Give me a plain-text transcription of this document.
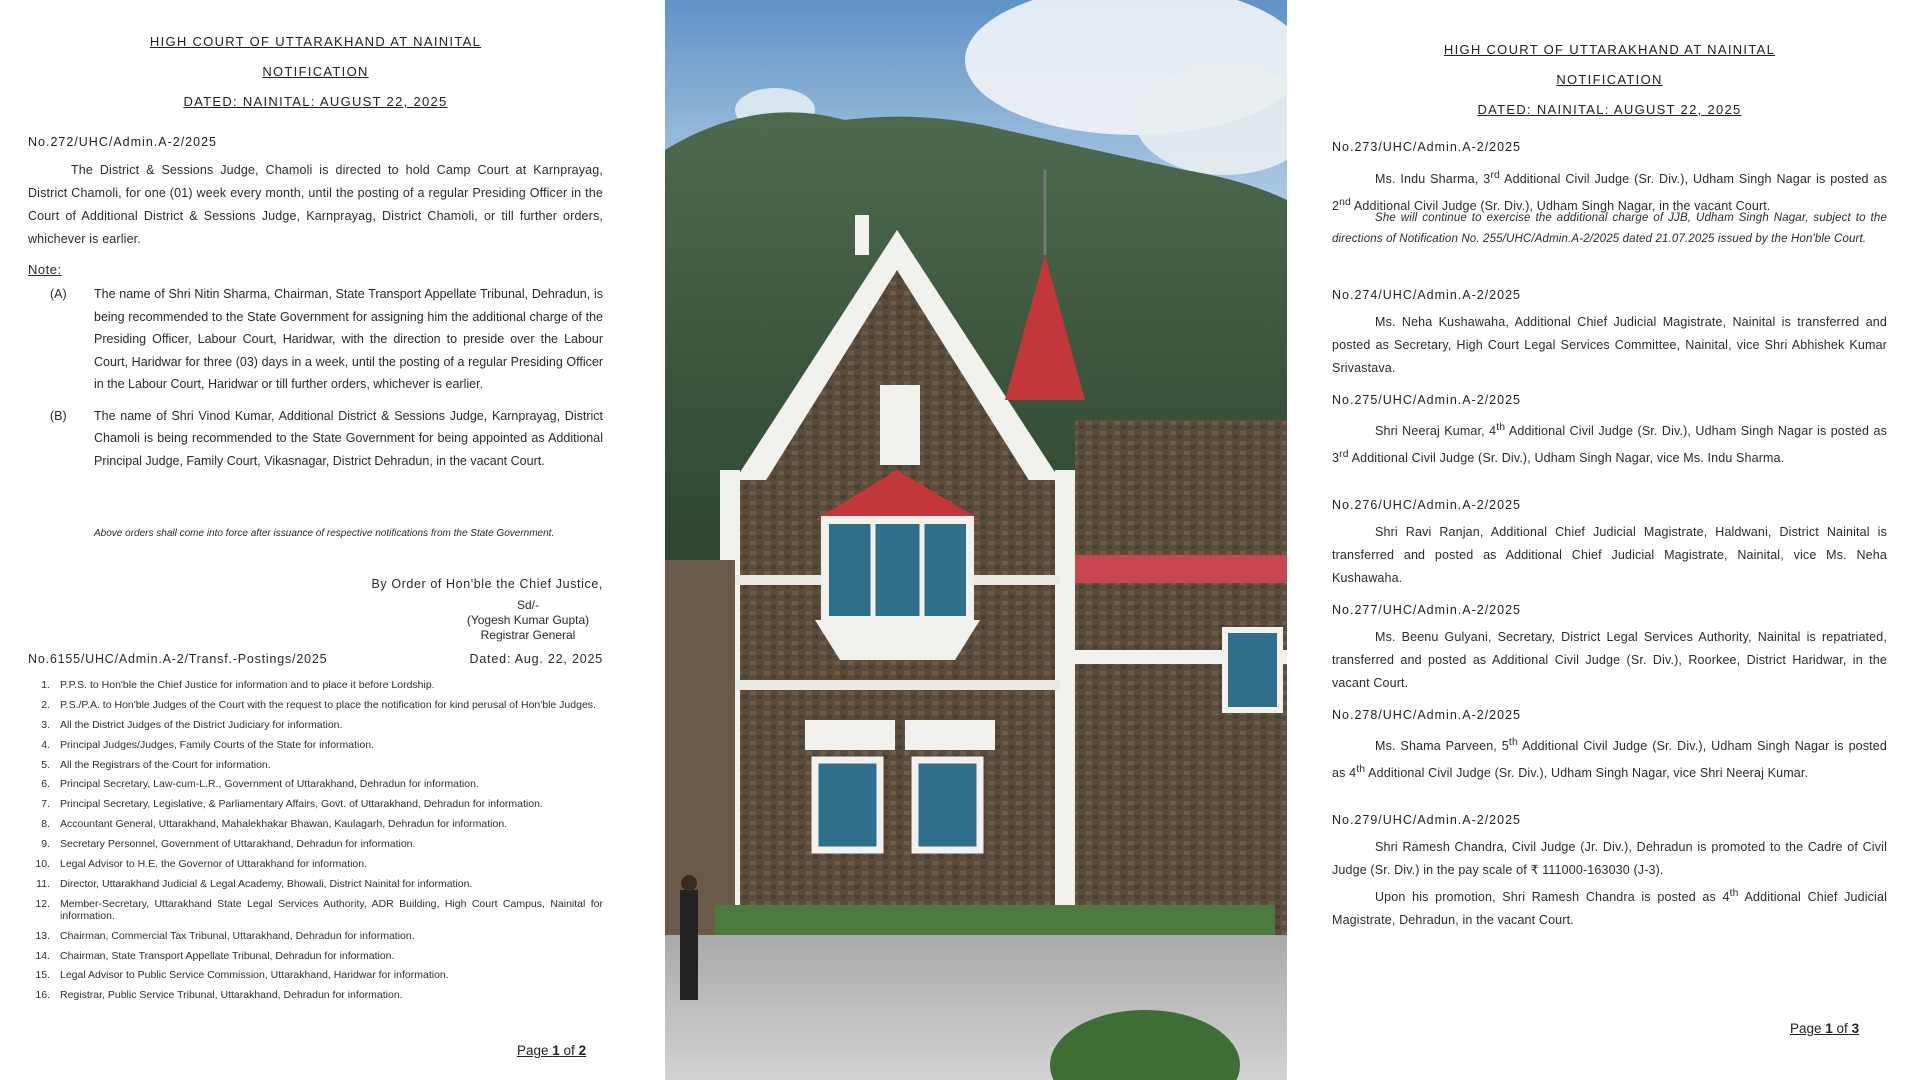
HIGH COURT OF UTTARAKHAND AT NAINITAL
NOTIFICATION
DATED: NAINITAL: AUGUST 22, 2025
No.272/UHC/Admin.A-2/2025

The District & Sessions Judge, Chamoli is directed to hold Camp Court at Karnprayag, District Chamoli, for one (01) week every month, until the posting of a regular Presiding Officer in the Court of Additional District & Sessions Judge, Karnprayag, District Chamoli, or till further orders, whichever is earlier.

Note:
(A)	The name of Shri Nitin Sharma, Chairman, State Transport Appellate Tribunal, Dehradun, is being recommended to the State Government for assigning him the additional charge of the Presiding Officer, Labour Court, Haridwar, with the direction to preside over the Labour Court, Haridwar for three (03) days in a week, until the posting of a regular Presiding Officer in the Labour Court, Haridwar or till further orders, whichever is earlier.
(B)	The name of Shri Vinod Kumar, Additional District & Sessions Judge, Karnprayag, District Chamoli is being recommended to the State Government for being appointed as Additional Principal Judge, Family Court, Vikasnagar, District Dehradun, in the vacant Court.

Above orders shall come into force after issuance of respective notifications from the State Government.

By Order of Hon'ble the Chief Justice,
Sd/-
(Yogesh Kumar Gupta)
Registrar General
No.6155/UHC/Admin.A-2/Transf.-Postings/2025	Dated: Aug. 22, 2025
1. P.P.S. to Hon'ble the Chief Justice for information and to place it before Lordship.
2. P.S./P.A. to Hon'ble Judges of the Court with the request to place the notification for kind perusal of Hon'ble Judges.
3. All the District Judges of the District Judiciary for information.
4. Principal Judges/Judges, Family Courts of the State for information.
5. All the Registrars of the Court for information.
6. Principal Secretary, Law-cum-L.R., Government of Uttarakhand, Dehradun for information.
7. Principal Secretary, Legislative, & Parliamentary Affairs, Govt. of Uttarakhand, Dehradun for information.
8. Accountant General, Uttarakhand, Mahalekhakar Bhawan, Kaulagarh, Dehradun for information.
9. Secretary Personnel, Government of Uttarakhand, Dehradun for information.
10. Legal Advisor to H.E. the Governor of Uttarakhand for information.
11. Director, Uttarakhand Judicial & Legal Academy, Bhowali, District Nainital for information.
12. Member-Secretary, Uttarakhand State Legal Services Authority, ADR Building, High Court Campus, Nainital for information.
13. Chairman, Commercial Tax Tribunal, Uttarakhand, Dehradun for information.
14. Chairman, State Transport Appellate Tribunal, Dehradun for information.
15. Legal Advisor to Public Service Commission, Uttarakhand, Haridwar for information.
16. Registrar, Public Service Tribunal, Uttarakhand, Dehradun for information.
Page 1 of 2
HIGH COURT OF UTTARAKHAND AT NAINITAL
NOTIFICATION
DATED: NAINITAL: AUGUST 22, 2025
No.273/UHC/Admin.A-2/2025

Ms. Indu Sharma, 3rd Additional Civil Judge (Sr. Div.), Udham Singh Nagar is posted as 2nd Additional Civil Judge (Sr. Div.), Udham Singh Nagar, in the vacant Court.

She will continue to exercise the additional charge of JJB, Udham Singh Nagar, subject to the directions of Notification No. 255/UHC/Admin.A-2/2025 dated 21.07.2025 issued by the Hon'ble Court.

No.274/UHC/Admin.A-2/2025

Ms. Neha Kushawaha, Additional Chief Judicial Magistrate, Nainital is transferred and posted as Secretary, High Court Legal Services Committee, Nainital, vice Shri Abhishek Kumar Srivastava.

No.275/UHC/Admin.A-2/2025

Shri Neeraj Kumar, 4th Additional Civil Judge (Sr. Div.), Udham Singh Nagar is posted as 3rd Additional Civil Judge (Sr. Div.), Udham Singh Nagar, vice Ms. Indu Sharma.

No.276/UHC/Admin.A-2/2025

Shri Ravi Ranjan, Additional Chief Judicial Magistrate, Haldwani, District Nainital is transferred and posted as Additional Chief Judicial Magistrate, Nainital, vice Ms. Neha Kushawaha.

No.277/UHC/Admin.A-2/2025

Ms. Beenu Gulyani, Secretary, District Legal Services Authority, Nainital is repatriated, transferred and posted as Additional Civil Judge (Sr. Div.), Roorkee, District Haridwar, in the vacant Court.

No.278/UHC/Admin.A-2/2025

Ms. Shama Parveen, 5th Additional Civil Judge (Sr. Div.), Udham Singh Nagar is posted as 4th Additional Civil Judge (Sr. Div.), Udham Singh Nagar, vice Shri Neeraj Kumar.

No.279/UHC/Admin.A-2/2025

Shri Ramesh Chandra, Civil Judge (Jr. Div.), Dehradun is promoted to the Cadre of Civil Judge (Sr. Div.) in the pay scale of ₹ 111000-163030 (J-3).

Upon his promotion, Shri Ramesh Chandra is posted as 4th Additional Chief Judicial Magistrate, Dehradun, in the vacant Court.

Page 1 of 3
